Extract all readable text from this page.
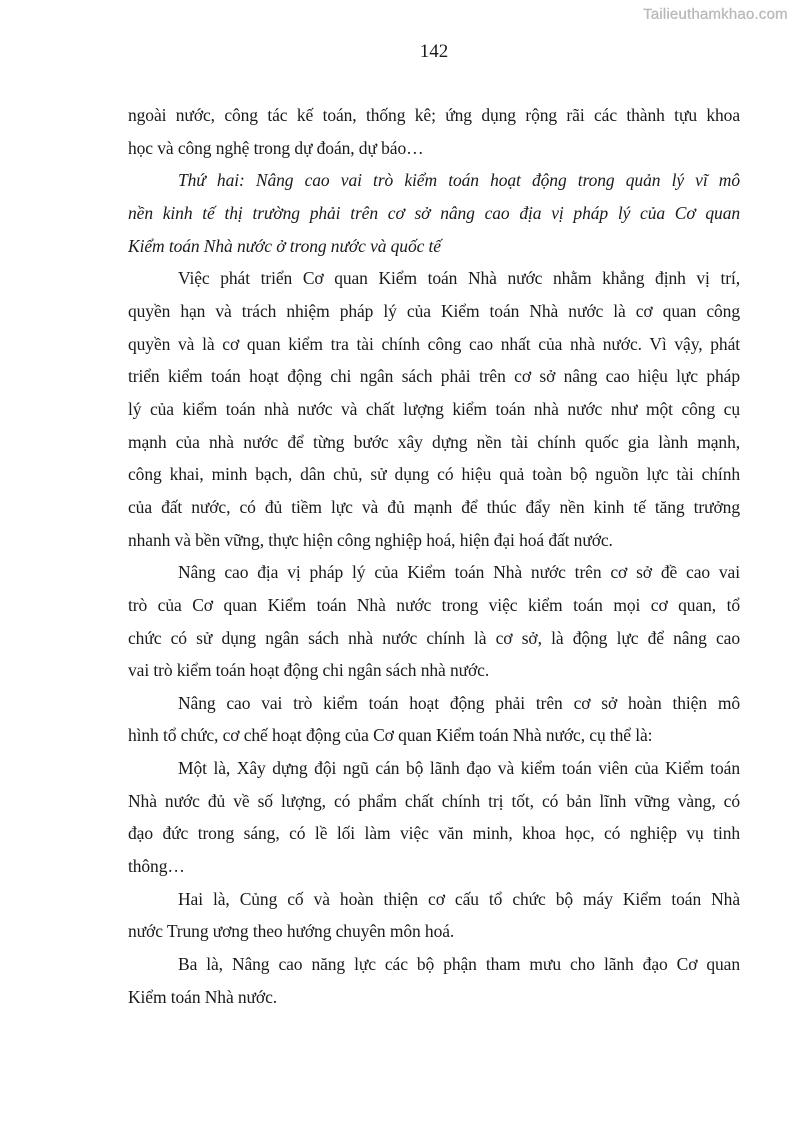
Tailieuthamkhao.com
142
ngoài nước, công tác kế toán, thống kê; ứng dụng rộng rãi các thành tựu khoa
học và công nghệ trong dự đoán, dự báo…
Thứ hai: Nâng cao vai trò kiểm toán hoạt động trong quản lý vĩ mô
nền kinh tế thị trường phải trên cơ sở nâng cao địa vị pháp lý của Cơ quan
Kiểm toán Nhà nước ở trong nước và quốc tế
Việc phát triển Cơ quan Kiểm toán Nhà nước nhằm khẳng định vị trí,
quyền hạn và trách nhiệm pháp lý của Kiểm toán Nhà nước là cơ quan công
quyền và là cơ quan kiểm tra tài chính công cao nhất của nhà nước. Vì vậy, phát
triển kiểm toán hoạt động chi ngân sách phải trên cơ sở nâng cao hiệu lực pháp
lý của kiểm toán nhà nước và chất lượng kiểm toán nhà nước như một công cụ
mạnh của nhà nước để từng bước xây dựng nền tài chính quốc gia lành mạnh,
công khai, minh bạch, dân chủ, sử dụng có hiệu quả toàn bộ nguồn lực tài chính
của đất nước, có đủ tiềm lực và đủ mạnh để thúc đẩy nền kinh tế tăng trưởng
nhanh và bền vững, thực hiện công nghiệp hoá, hiện đại hoá đất nước.
Nâng cao địa vị pháp lý của Kiểm toán Nhà nước trên cơ sở đề cao vai
trò của Cơ quan Kiểm toán Nhà nước trong việc kiểm toán mọi cơ quan, tổ
chức có sử dụng ngân sách nhà nước chính là cơ sở, là động lực để nâng cao
vai trò kiểm toán hoạt động chi ngân sách nhà nước.
Nâng cao vai trò kiểm toán hoạt động phải trên cơ sở hoàn thiện mô
hình tổ chức, cơ chế hoạt động của Cơ quan Kiểm toán Nhà nước, cụ thể là:
Một là, Xây dựng đội ngũ cán bộ lãnh đạo và kiểm toán viên của Kiểm toán
Nhà nước đủ về số lượng, có phẩm chất chính trị tốt, có bản lĩnh vững vàng, có
đạo đức trong sáng, có lề lối làm việc văn minh, khoa học, có nghiệp vụ tinh
thông…
Hai là, Củng cố và hoàn thiện cơ cấu tổ chức bộ máy Kiểm toán Nhà
nước Trung ương theo hướng chuyên môn hoá.
Ba là, Nâng cao năng lực các bộ phận tham mưu cho lãnh đạo Cơ quan
Kiểm toán Nhà nước.
